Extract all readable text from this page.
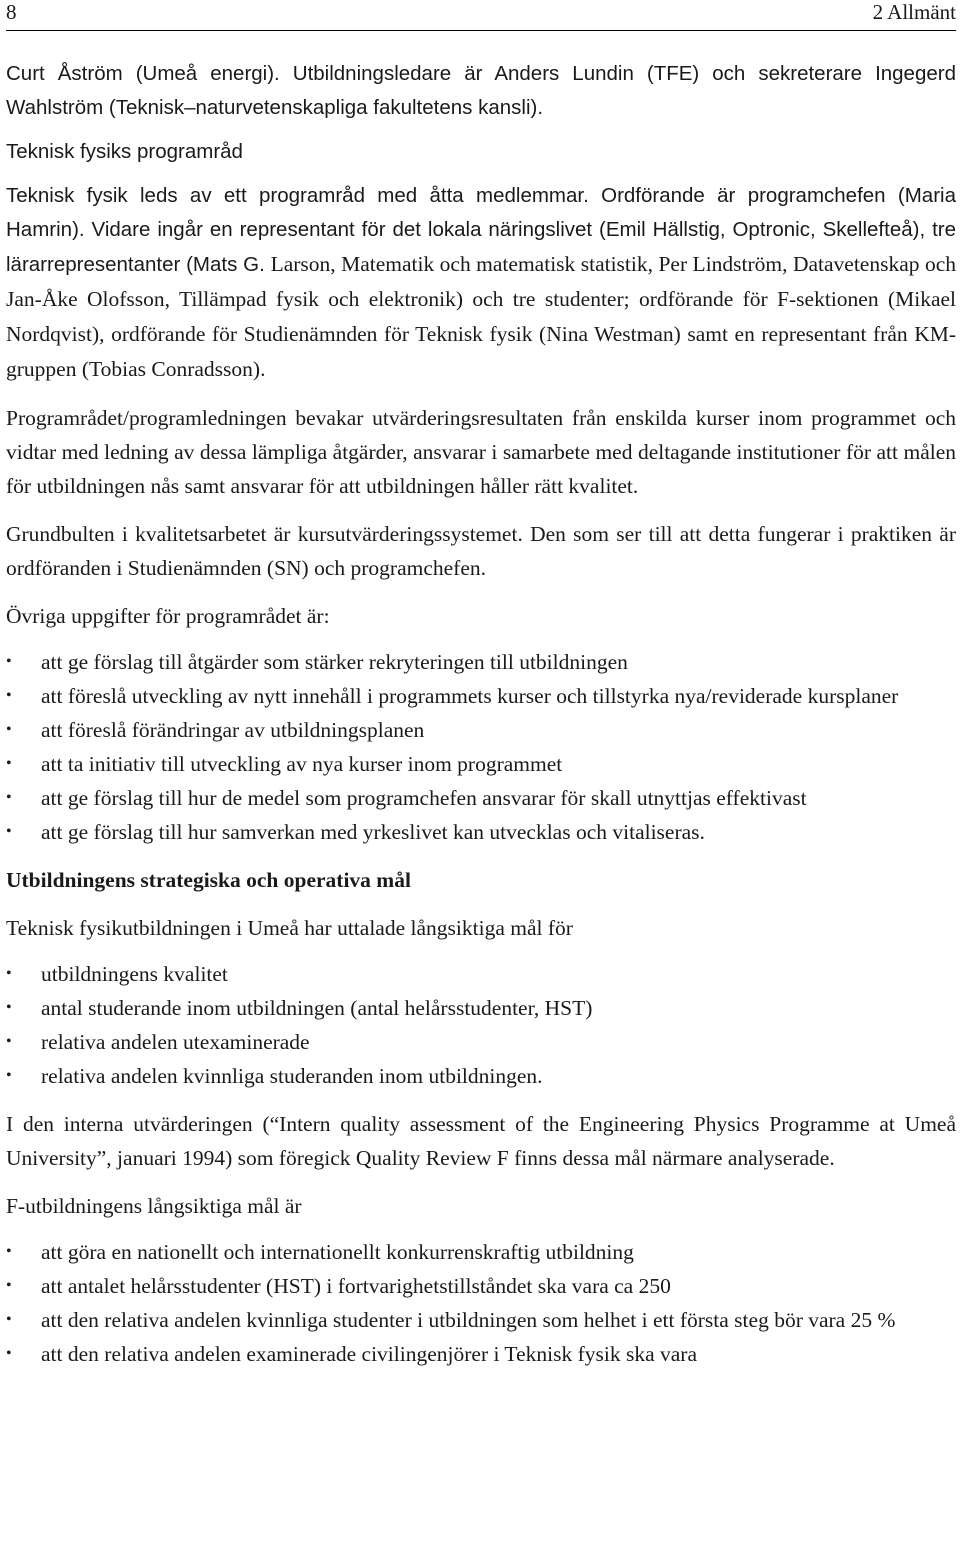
8	2 Allmänt

Curt Åström (Umeå energi). Utbildningsledare är Anders Lundin (TFE) och sekreterare Ingegerd Wahlström (Teknisk–naturvetenskapliga fakultetens kansli).

Teknisk fysiks programråd

Teknisk fysik leds av ett programråd med åtta medlemmar. Ordförande är programchefen (Maria Hamrin). Vidare ingår en representant för det lokala näringslivet (Emil Hällstig, Optronic, Skellefteå), tre lärarrepresentanter (Mats G. Larson, Matematik och matematisk statistik, Per Lindström, Datavetenskap och Jan-Åke Olofsson, Tillämpad fysik och elektronik) och tre studenter; ordförande för F-sektionen (Mikael Nordqvist), ordförande för Studienämnden för Teknisk fysik (Nina Westman) samt en representant från KM-gruppen (Tobias Conradsson).

Programrådet/programledningen bevakar utvärderingsresultaten från enskilda kurser inom programmet och vidtar med ledning av dessa lämpliga åtgärder, ansvarar i samarbete med deltagande institutioner för att målen för utbildningen nås samt ansvarar för att utbildningen håller rätt kvalitet.

Grundbulten i kvalitetsarbetet är kursutvärderingssystemet. Den som ser till att detta fungerar i praktiken är ordföranden i Studienämnden (SN) och programchefen.

Övriga uppgifter för programrådet är:

•	att ge förslag till åtgärder som stärker rekryteringen till utbildningen
•	att föreslå utveckling av nytt innehåll i programmets kurser och tillstyrka nya/reviderade kursplaner
•	att föreslå förändringar av utbildningsplanen
•	att ta initiativ till utveckling av nya kurser inom programmet
•	att ge förslag till hur de medel som programchefen ansvarar för skall utnyttjas effektivast
•	att ge förslag till hur samverkan med yrkeslivet kan utvecklas och vitaliseras.
Utbildningens strategiska och operativa mål

Teknisk fysikutbildningen i Umeå har uttalade långsiktiga mål för

•	utbildningens kvalitet
•	antal studerande inom utbildningen (antal helårsstudenter, HST)
•	relativa andelen utexaminerade
•	relativa andelen kvinnliga studeranden inom utbildningen.

I den interna utvärderingen (“Intern quality assessment of the Engineering Physics Programme at Umeå University”, januari 1994) som föregick Quality Review F finns dessa mål närmare analyserade.

F-utbildningens långsiktiga mål är

•	att göra en nationellt och internationellt konkurrenskraftig utbildning
•	att antalet helårsstudenter (HST) i fortvarighetstillståndet ska vara ca 250
•	att den relativa andelen kvinnliga studenter i utbildningen som helhet i ett första steg bör vara 25 %
•	att den relativa andelen examinerade civilingenjörer i Teknisk fysik ska vara
